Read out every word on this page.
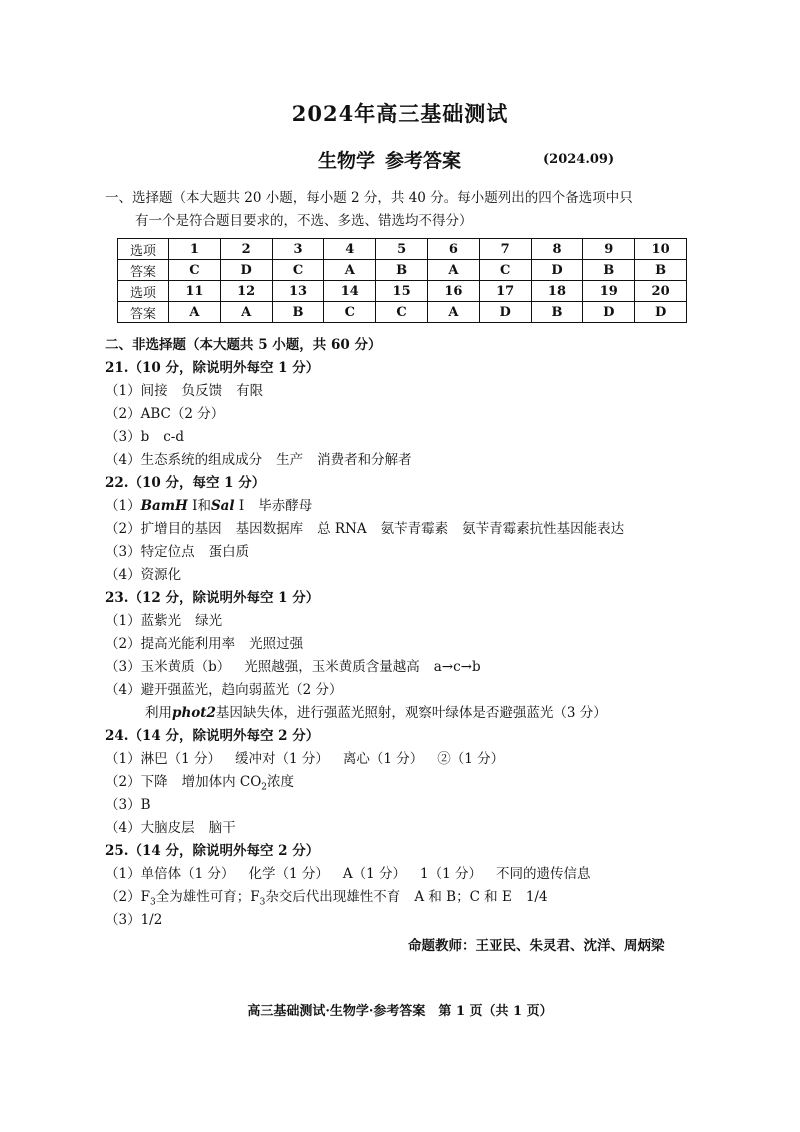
2024年高三基础测试
生物学 参考答案	(2024.09)
一、选择题（本大题共 20 小题，每小题 2 分，共 40 分。每小题列出的四个备选项中只
有一个是符合题目要求的，不选、多选、错选均不得分）
选项	1	2	3	4	5	6	7	8	9	10
答案	C	D	C	A	B	A	C	D	B	B
选项	11	12	13	14	15	16	17	18	19	20
答案	A	A	B	C	C	A	D	B	D	D
二、非选择题（本大题共 5 小题，共 60 分）
21.（10 分，除说明外每空 1 分）
（1）间接 负反馈 有限
（2）ABC（2 分）
（3）b c-d
（4）生态系统的组成成分 生产 消费者和分解者
22.（10 分，每空 1 分）
（1）BamH Ⅰ和Sal Ⅰ 毕赤酵母
（2）扩增目的基因 基因数据库 总 RNA 氨苄青霉素 氨苄青霉素抗性基因能表达
（3）特定位点 蛋白质
（4）资源化
23.（12 分，除说明外每空 1 分）
（1）蓝紫光 绿光
（2）提高光能利用率 光照过强
（3）玉米黄质（b） 光照越强，玉米黄质含量越高 a→c→b
（4）避开强蓝光，趋向弱蓝光（2 分）
利用phot2基因缺失体，进行强蓝光照射，观察叶绿体是否避强蓝光（3 分）
24.（14 分，除说明外每空 2 分）
（1）淋巴（1 分） 缓冲对（1 分） 离心（1 分） ②（1 分）
（2）下降 增加体内 $CO_2$浓度
（3）B
（4）大脑皮层 脑干
25.（14 分，除说明外每空 2 分）
（1）单倍体（1 分） 化学（1 分） A（1 分） 1（1 分） 不同的遗传信息
$(2)F_3$全为雄性可育；$F_3$杂交后代出现雄性不育 A 和 B；C 和 E 1/4
（3）1/2
命题教师：王亚民、朱灵君、沈洋、周炳梁
高三基础测试·生物学·参考答案　第 1 页（共 1 页）
